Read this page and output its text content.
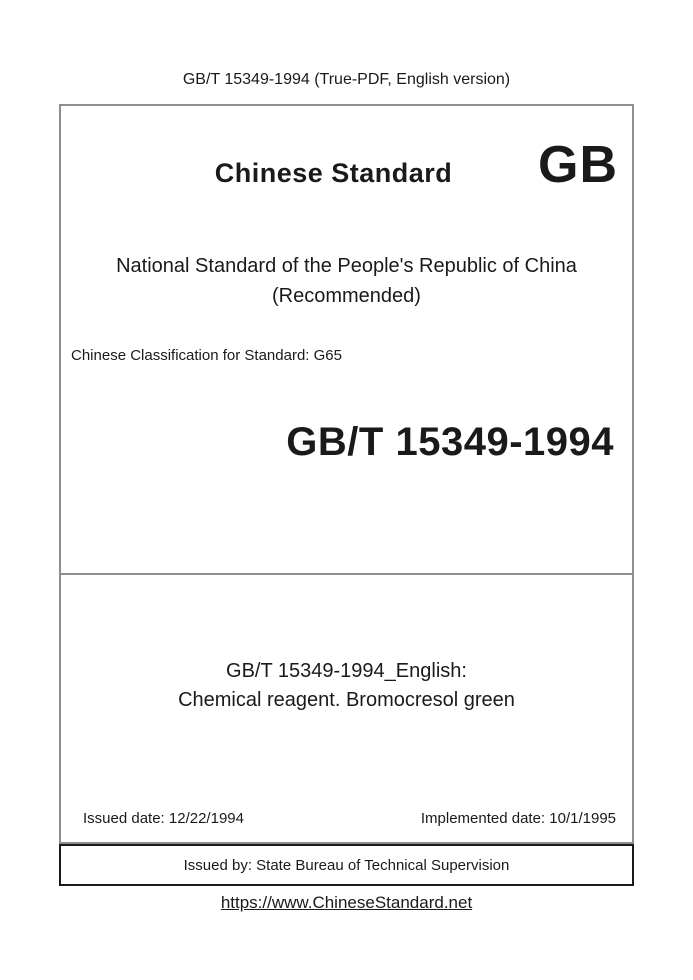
GB/T 15349-1994 (True-PDF, English version)
Chinese Standard	GB
National Standard of the People's Republic of China
(Recommended)
Chinese Classification for Standard: G65
GB/T 15349-1994
GB/T 15349-1994_English:
Chemical reagent. Bromocresol green
Issued date: 12/22/1994	Implemented date: 10/1/1995
Issued by: State Bureau of Technical Supervision
https://www.ChineseStandard.net
